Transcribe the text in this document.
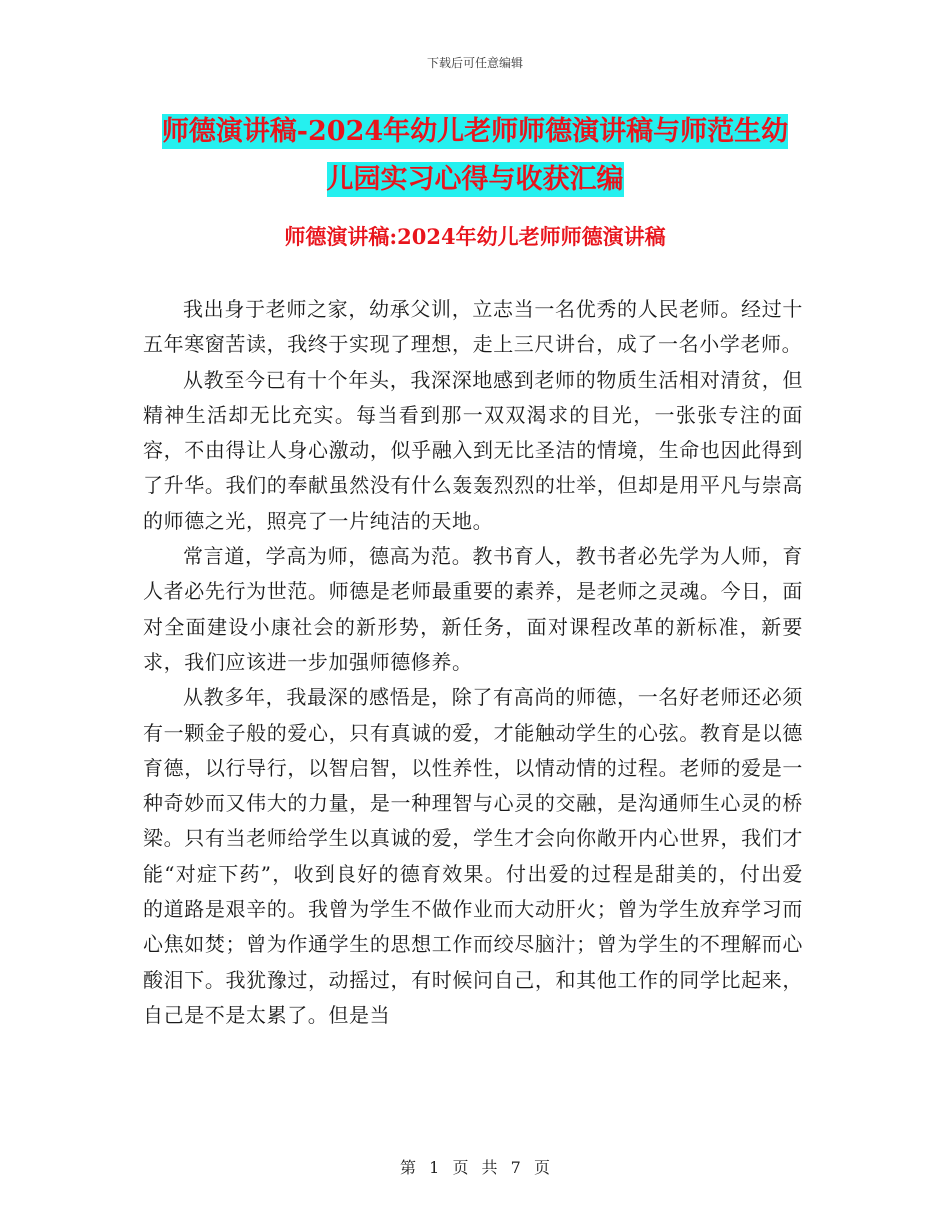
下载后可任意编辑
师德演讲稿-2024年幼儿老师师德演讲稿与师范生幼
儿园实习心得与收获汇编
师德演讲稿:2024年幼儿老师师德演讲稿

我出身于老师之家，幼承父训，立志当一名优秀的人民老师。经过十五年寒窗苦读，我终于实现了理想，走上三尺讲台，成了一名小学老师。

从教至今已有十个年头，我深深地感到老师的物质生活相对清贫，但精神生活却无比充实。每当看到那一双双渴求的目光，一张张专注的面容，不由得让人身心激动，似乎融入到无比圣洁的情境，生命也因此得到了升华。我们的奉献虽然没有什么轰轰烈烈的壮举，但却是用平凡与崇高的师德之光，照亮了一片纯洁的天地。

常言道，学高为师，德高为范。教书育人，教书者必先学为人师，育人者必先行为世范。师德是老师最重要的素养，是老师之灵魂。今日，面对全面建设小康社会的新形势，新任务，面对课程改革的新标准，新要求，我们应该进一步加强师德修养。

从教多年，我最深的感悟是，除了有高尚的师德，一名好老师还必须有一颗金子般的爱心，只有真诚的爱，才能触动学生的心弦。教育是以德育德，以行导行，以智启智，以性养性，以情动情的过程。老师的爱是一种奇妙而又伟大的力量，是一种理智与心灵的交融，是沟通师生心灵的桥梁。只有当老师给学生以真诚的爱，学生才会向你敞开内心世界，我们才能“对症下药”，收到良好的德育效果。付出爱的过程是甜美的，付出爱的道路是艰辛的。我曾为学生不做作业而大动肝火；曾为学生放弃学习而心焦如焚；曾为作通学生的思想工作而绞尽脑汁；曾为学生的不理解而心酸泪下。我犹豫过，动摇过，有时候问自己，和其他工作的同学比起来，自己是不是太累了。但是当

第 1 页 共 7 页
